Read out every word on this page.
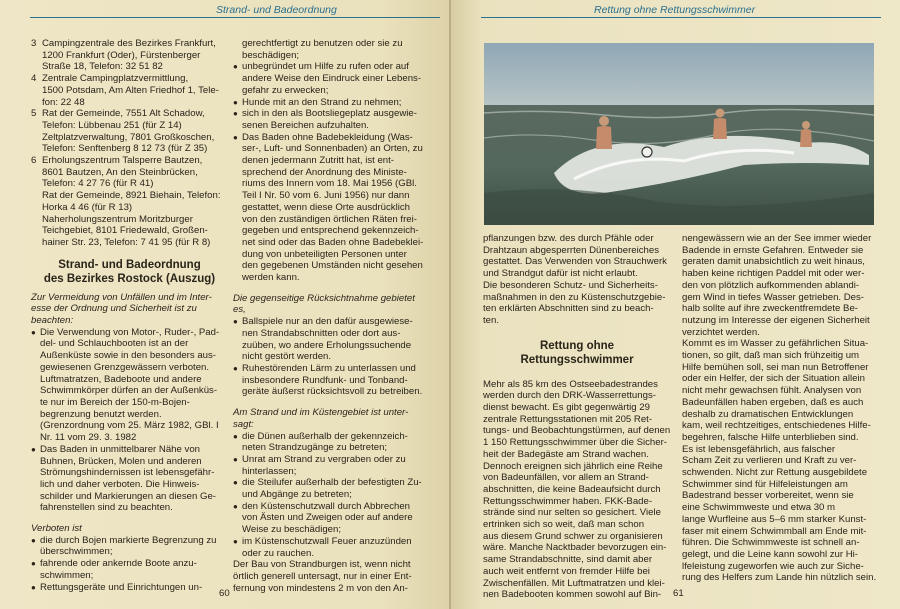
Strand- und Badeordnung
3 Campingzentrale des Bezirkes Frankfurt,

1200 Frankfurt (Oder), Fürstenberger

Straße 18, Telefon: 32 51 82

4 Zentrale Campingplatzvermittlung,

1500 Potsdam, Am Alten Friedhof 1, Tele-

fon: 22 48

5 Rat der Gemeinde, 7551 Alt Schadow,

Telefon: Lübbenau 251 (für Z 14)

Zeltplatzverwaltung, 7801 Großkoschen,

Telefon: Senftenberg 8 12 73 (für Z 35)

6 Erholungszentrum Talsperre Bautzen,

8601 Bautzen, An den Steinbrücken,

Telefon: 4 27 76 (für R 41)

Rat der Gemeinde, 8921 Biehain, Telefon:

Horka 4 46 (für R 13)

Naherholungszentrum Moritzburger

Teichgebiet, 8101 Friedewald, Großen-

hainer Str. 23, Telefon: 7 41 95 (für R 8)

Strand- und Badeordnung

des Bezirkes Rostock (Auszug)

Zur Vermeidung von Unfällen und im Inter-

esse der Ordnung und Sicherheit ist zu

beachten:

● Die Verwendung von Motor-, Ruder-, Pad-

del- und Schlauchbooten ist an der

Außenküste sowie in den besonders aus-

gewiesenen Grenzgewässern verboten.

Luftmatratzen, Badeboote und andere

Schwimmkörper dürfen an der Außenküs-

te nur im Bereich der 150-m-Bojen-

begrenzung benutzt werden.

(Grenzordnung vom 25. März 1982, GBl. I

Nr. 11 vom 29. 3. 1982

● Das Baden in unmittelbarer Nähe von

Buhnen, Brücken, Molen und anderen

Strömungshindernissen ist lebensgefähr-

lich und daher verboten. Die Hinweis-

schilder und Markierungen an diesen Ge-

fahrenstellen sind zu beachten.

Verboten ist

● die durch Bojen markierte Begrenzung zu

überschwimmen;

● fahrende oder ankernde Boote anzu-

schwimmen;

● Rettungsgeräte und Einrichtungen un-

gerechtfertigt zu benutzen oder sie zu

beschädigen;

● unbegründet um Hilfe zu rufen oder auf

andere Weise den Eindruck einer Lebens-

gefahr zu erwecken;

● Hunde mit an den Strand zu nehmen;

● sich in den als Bootsliegeplatz ausgewie-

senen Bereichen aufzuhalten.

● Das Baden ohne Badebekleidung (Was-

ser-, Luft- und Sonnenbaden) an Orten, zu

denen jedermann Zutritt hat, ist ent-

sprechend der Anordnung des Ministe-

riums des Innern vom 18. Mai 1956 (GBl.

Teil I Nr. 50 vom 6. Juni 1956) nur dann

gestattet, wenn diese Orte ausdrücklich

von den zuständigen örtlichen Räten frei-

gegeben und entsprechend gekennzeich-

net sind oder das Baden ohne Badebeklei-

dung von unbeteiligten Personen unter

den gegebenen Umständen nicht gesehen

werden kann.

Die gegenseitige Rücksichtnahme gebietet

es,

● Ballspiele nur an den dafür ausgewiese-

nen Strandabschnitten oder dort aus-

zuüben, wo andere Erholungssuchende

nicht gestört werden.

● Ruhestörenden Lärm zu unterlassen und

insbesondere Rundfunk- und Tonband-

geräte äußerst rücksichtsvoll zu betreiben.

Am Strand und im Küstengebiet ist unter-

sagt:

● die Dünen außerhalb der gekennzeich-

neten Strandzugänge zu betreten;

● Unrat am Strand zu vergraben oder zu

hinterlassen;

● die Steilufer außerhalb der befestigten Zu-

und Abgänge zu betreten;

● den Küstenschutzwall durch Abbrechen

von Ästen und Zweigen oder auf andere

Weise zu beschädigen;

● im Küstenschutzwall Feuer anzuzünden

oder zu rauchen.

Der Bau von Strandburgen ist, wenn nicht

örtlich generell untersagt, nur in einer Ent-

fernung von mindestens 2 m von den An-

60
Rettung ohne Rettungsschwimmer

pflanzungen bzw. des durch Pfähle oder

Drahtzaun abgesperrten Dünenbereiches

gestattet. Das Verwenden von Strauchwerk

und Strandgut dafür ist nicht erlaubt.

Die besonderen Schutz- und Sicherheits-

maßnahmen in den zu Küstenschutzgebie-

ten erklärten Abschnitten sind zu beach-

ten.

Rettung ohne Rettungsschwimmer

Mehr als 85 km des Ostseebadestrandes

werden durch den DRK-Wasserrettungs-

dienst bewacht. Es gibt gegenwärtig 29

zentrale Rettungsstationen mit 205 Ret-

tungs- und Beobachtungstürmen, auf denen

1 150 Rettungsschwimmer über die Sicher-

heit der Badegäste am Strand wachen.

Dennoch ereignen sich jährlich eine Reihe

von Badeunfällen, vor allem an Strand-

abschnitten, die keine Badeaufsicht durch

Rettungsschwimmer haben. FKK-Bade-

strände sind nur selten so gesichert. Viele

ertrinken sich so weit, daß man schon

aus diesem Grund schwer zu organisieren

wäre. Manche Nacktbader bevorzugen ein-

same Strandabschnitte, sind damit aber

auch weit entfernt von fremder Hilfe bei

Zwischenfällen. Mit Luftmatratzen und klei-

nen Badebooten kommen sowohl auf Bin-

nengewässern wie an der See immer wieder

Badende in ernste Gefahren. Entweder sie

geraten damit unabsichtlich zu weit hinaus,

haben keine richtigen Paddel mit oder wer-

den von plötzlich aufkommenden ablandi-

gem Wind in tiefes Wasser getrieben. Des-

halb sollte auf ihre zweckentfremdete Be-

nutzung im Interesse der eigenen Sicherheit

verzichtet werden.

Kommt es im Wasser zu gefährlichen Situa-

tionen, so gilt, daß man sich frühzeitig um

Hilfe bemühen soll, sei man nun Betroffener

oder ein Helfer, der sich der Situation allein

nicht mehr gewachsen fühlt. Analysen von

Badeunfällen haben ergeben, daß es auch

deshalb zu dramatischen Entwicklungen

kam, weil rechtzeitiges, entschiedenes Hilfe-

begehren, falsche Hilfe unterblieben sind.

Es ist lebensgefährlich, aus falscher

Scham Zeit zu verlieren und Kraft zu ver-

schwenden. Nicht zur Rettung ausgebildete

Schwimmer sind für Hilfeleistungen am

Badestrand besser vorbereitet, wenn sie

eine Schwimmweste und etwa 30 m

lange Wurfleine aus 5–6 mm starker Kunst-

faser mit einem Schwimmball am Ende mit-

führen. Die Schwimmweste ist schnell an-

gelegt, und die Leine kann sowohl zur Hi-

lfeleistung zugeworfen wie auch zur Siche-

rung des Helfers zum Lande hin nützlich sein.

61
